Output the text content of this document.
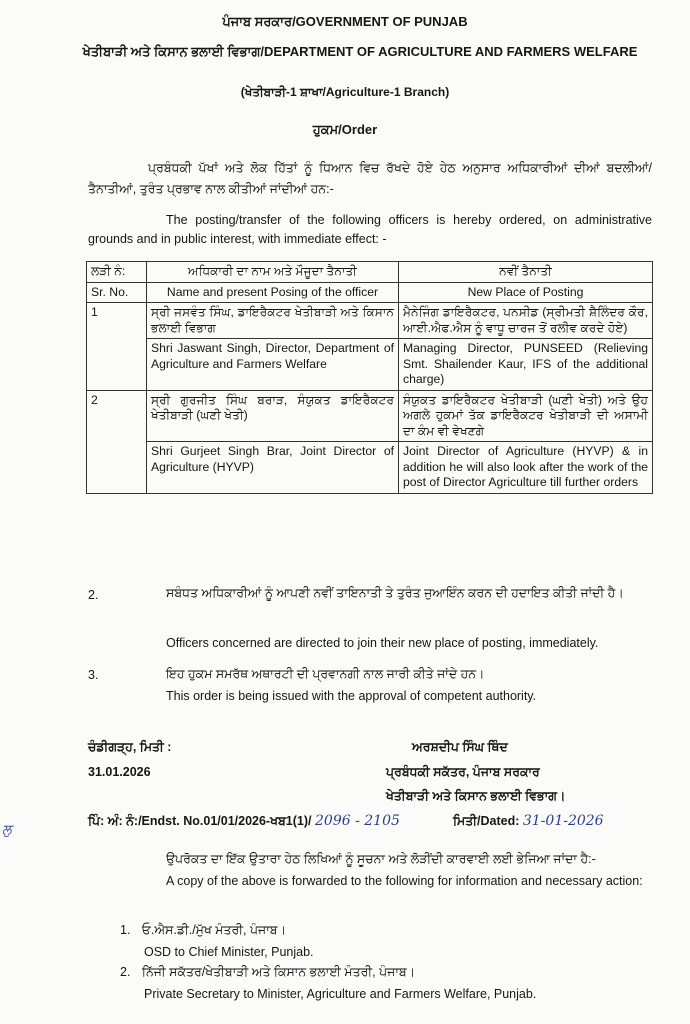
ਪੰਜਾਬ ਸਰਕਾਰ/GOVERNMENT OF PUNJAB
ਖੇਤੀਬਾੜੀ ਅਤੇ ਕਿਸਾਨ ਭਲਾਈ ਵਿਭਾਗ/DEPARTMENT OF AGRICULTURE AND FARMERS WELFARE
(ਖੇਤੀਬਾੜੀ-1 ਸ਼ਾਖਾ/Agriculture-1 Branch)
ਹੁਕਮ/Order
ਪ੍ਰਬੰਧਕੀ ਪੱਖਾਂ ਅਤੇ ਲੋਕ ਹਿੱਤਾਂ ਨੂੰ ਧਿਆਨ ਵਿਚ ਰੱਖਦੇ ਹੋਏ ਹੇਠ ਅਨੁਸਾਰ ਅਧਿਕਾਰੀਆਂ ਦੀਆਂ ਬਦਲੀਆਂ/ਤੈਨਾਤੀਆਂ, ਤੁਰੰਤ ਪ੍ਰਭਾਵ ਨਾਲ ਕੀਤੀਆਂ ਜਾਂਦੀਆਂ ਹਨ:-
The posting/transfer of the following officers is hereby ordered, on administrative grounds and in public interest, with immediate effect: -
ਲੜੀ ਨੰ:	ਅਧਿਕਾਰੀ ਦਾ ਨਾਮ ਅਤੇ ਮੌਜੂਦਾ ਤੈਨਾਤੀ	ਨਵੀਂ ਤੈਨਾਤੀ
Sr. No.	Name and present Posing of the officer	New Place of Posting
1	ਸ੍ਰੀ ਜਸਵੰਤ ਸਿੰਘ, ਡਾਇਰੈਕਟਰ ਖੇਤੀਬਾੜੀ ਅਤੇ ਕਿਸਾਨ ਭਲਾਈ ਵਿਭਾਗ	ਮੈਨੇਜਿੰਗ ਡਾਇਰੈਕਟਰ, ਪਨਸੀਡ (ਸ੍ਰੀਮਤੀ ਸ਼ੈਲਿੰਦਰ ਕੌਰ, ਆਈ.ਐਫ.ਐਸ ਨੂੰ ਵਾਧੂ ਚਾਰਜ ਤੋਂ ਰਲੀਵ ਕਰਦੇ ਹੋਏ)
	Shri Jaswant Singh, Director, Department of Agriculture and Farmers Welfare	Managing Director, PUNSEED (Relieving Smt. Shailender Kaur, IFS of the additional charge)
2	ਸ੍ਰੀ ਗੁਰਜੀਤ ਸਿੰਘ ਬਰਾੜ, ਸੰਯੁਕਤ ਡਾਇਰੈਕਟਰ ਖੇਤੀਬਾੜੀ (ਘਣੀ ਖੇਤੀ)	ਸੰਯੁਕਤ ਡਾਇਰੈਕਟਰ ਖੇਤੀਬਾੜੀ (ਘਣੀ ਖੇਤੀ) ਅਤੇ ਉਹ ਅਗਲੇ ਹੁਕਮਾਂ ਤੱਕ ਡਾਇਰੈਕਟਰ ਖੇਤੀਬਾੜੀ ਦੀ ਅਸਾਮੀ ਦਾ ਕੰਮ ਵੀ ਵੇਖਣਗੇ
	Shri Gurjeet Singh Brar, Joint Director of Agriculture (HYVP)	Joint Director of Agriculture (HYVP) & in addition he will also look after the work of the post of Director Agriculture till further orders
2.	ਸਬੰਧਤ ਅਧਿਕਾਰੀਆਂ ਨੂੰ ਆਪਣੀ ਨਵੀਂ ਤਾਇਨਾਤੀ ਤੇ ਤੁਰੰਤ ਜੁਆਇੰਨ ਕਰਨ ਦੀ ਹਦਾਇਤ ਕੀਤੀ ਜਾਂਦੀ ਹੈ।
Officers concerned are directed to join their new place of posting, immediately.
3.	ਇਹ ਹੁਕਮ ਸਮਰੱਥ ਅਥਾਰਟੀ ਦੀ ਪ੍ਰਵਾਨਗੀ ਨਾਲ ਜਾਰੀ ਕੀਤੇ ਜਾਂਦੇ ਹਨ।
This order is being issued with the approval of competent authority.
ਚੰਡੀਗੜ੍ਹ, ਮਿਤੀ :
31.01.2026
ਅਰਸ਼ਦੀਪ ਸਿੰਘ ਥਿੰਦ
ਪ੍ਰਬੰਧਕੀ ਸਕੱਤਰ, ਪੰਜਾਬ ਸਰਕਾਰ
ਖੇਤੀਬਾੜੀ ਅਤੇ ਕਿਸਾਨ ਭਲਾਈ ਵਿਭਾਗ।
ਲੁ
ਪਿੰ: ਅੰ: ਨੰ:/Endst. No.01/01/2026-ਖਬ1(1)/ 2096 - 2105	ਮਿਤੀ/Dated: 31-01-2026
ਉਪਰੋਕਤ ਦਾ ਇੱਕ ਉਤਾਰਾ ਹੇਠ ਲਿਖਿਆਂ ਨੂੰ ਸੂਚਨਾ ਅਤੇ ਲੋੜੀਂਦੀ ਕਾਰਵਾਈ ਲਈ ਭੇਜਿਆ ਜਾਂਦਾ ਹੈ:-
A copy of the above is forwarded to the following for information and necessary action:
1. ਓ.ਐਸ.ਡੀ./ਮੁੱਖ ਮੰਤਰੀ, ਪੰਜਾਬ।
OSD to Chief Minister, Punjab.
2. ਨਿੱਜੀ ਸਕੱਤਰ/ਖੇਤੀਬਾੜੀ ਅਤੇ ਕਿਸਾਨ ਭਲਾਈ ਮੰਤਰੀ, ਪੰਜਾਬ।
Private Secretary to Minister, Agriculture and Farmers Welfare, Punjab.
